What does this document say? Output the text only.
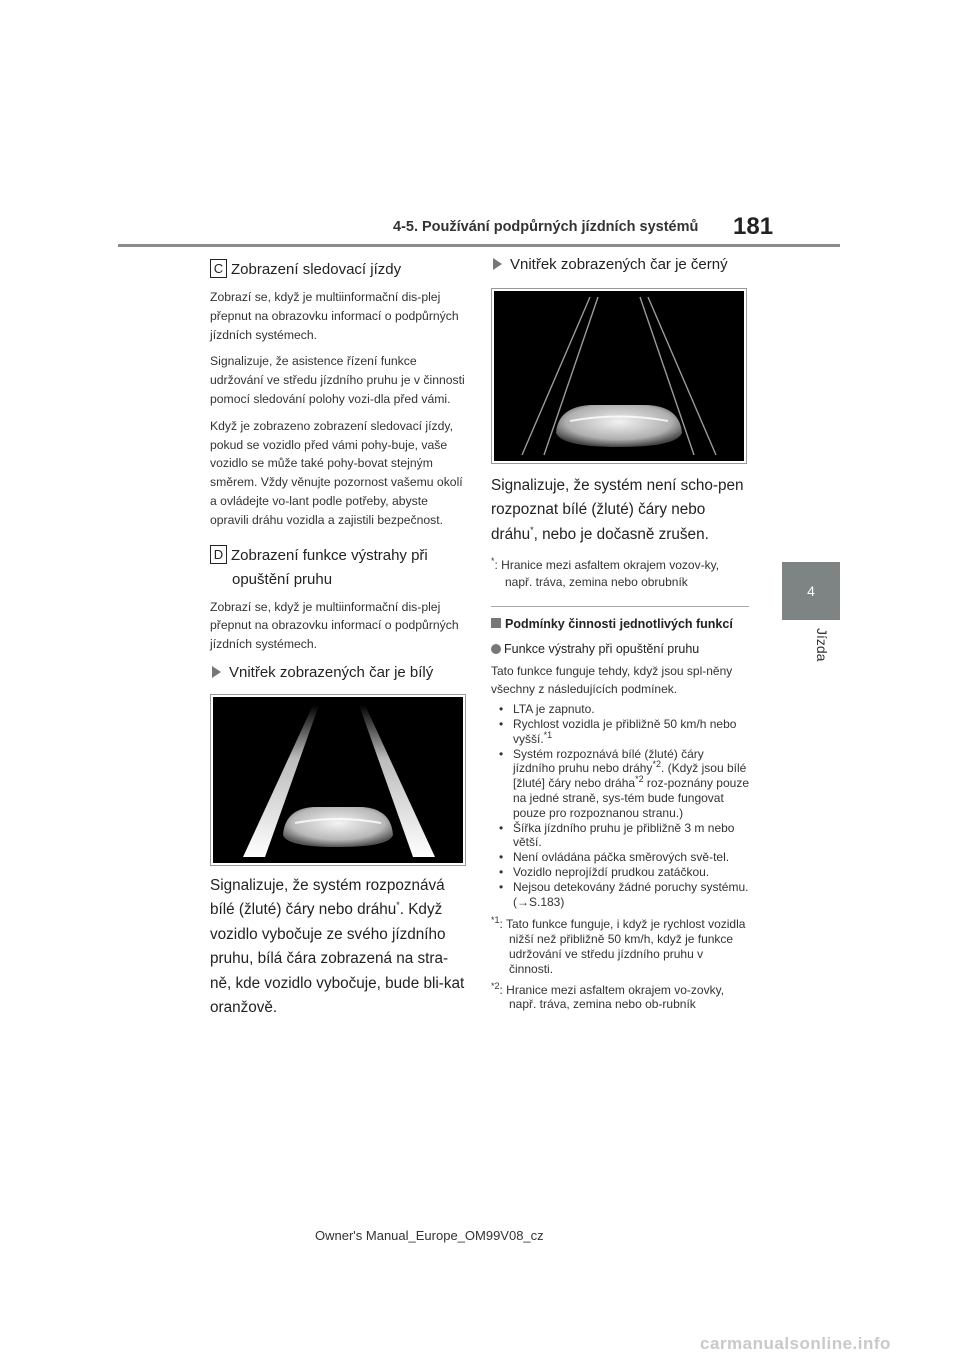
4-5. Používání podpůrných jízdních systémů 181
4
Jízda
C Zobrazení sledovací jízdy

Zobrazí se, když je multiinformační dis-plej přepnut na obrazovku informací o podpůrných jízdních systémech.

Signalizuje, že asistence řízení funkce udržování ve středu jízdního pruhu je v činnosti pomocí sledování polohy vozi-dla před vámi.

Když je zobrazeno zobrazení sledovací jízdy, pokud se vozidlo před vámi pohy-buje, vaše vozidlo se může také pohy-bovat stejným směrem. Vždy věnujte pozornost vašemu okolí a ovládejte vo-lant podle potřeby, abyste opravili dráhu vozidla a zajistili bezpečnost.

D Zobrazení funkce výstrahy při
opuštění pruhu

Zobrazí se, když je multiinformační dis-plej přepnut na obrazovku informací o podpůrných jízdních systémech.

Vnitřek zobrazených čar je bílý

Signalizuje, že systém rozpoznává bílé (žluté) čáry nebo dráhu*. Když vozidlo vybočuje ze svého jízdního pruhu, bílá čára zobrazená na stra-ně, kde vozidlo vybočuje, bude bli-kat oranžově.

Vnitřek zobrazených čar je černý

Signalizuje, že systém není scho-pen rozpoznat bílé (žluté) čáry nebo dráhu*, nebo je dočasně zrušen.

*: Hranice mezi asfaltem okrajem vozov-ky, např. tráva, zemina nebo obrubník

Podmínky činnosti jednotlivých funkcí
Funkce výstrahy při opuštění pruhu

Tato funkce funguje tehdy, když jsou spl-něny všechny z následujících podmínek.

• LTA je zapnuto.
• Rychlost vozidla je přibližně 50 km/h nebo vyšší.$^{*1}$
• Systém rozpoznává bílé (žluté) čáry jízdního pruhu nebo dráhy$^{*2}$. (Když jsou bílé [žluté] čáry nebo dráha$^{*2}$ roz-poznány pouze na jedné straně, sys-tém bude fungovat pouze pro rozpoznanou stranu.)
• Šířka jízdního pruhu je přibližně 3 m nebo větší.
• Není ovládána páčka směrových svě-tel.
• Vozidlo neprojíždí prudkou zatáčkou.
• Nejsou detekovány žádné poruchy systému. (→S.183)
$^{*1}$: Tato funkce funguje, i když je rychlost vozidla nižší než přibližně 50 km/h, když je funkce udržování ve středu jízdního pruhu v činnosti.
$^{*2}$: Hranice mezi asfaltem okrajem vo-zovky, např. tráva, zemina nebo ob-rubník
Owner's Manual_Europe_OM99V08_cz
carmanualsonline.info
